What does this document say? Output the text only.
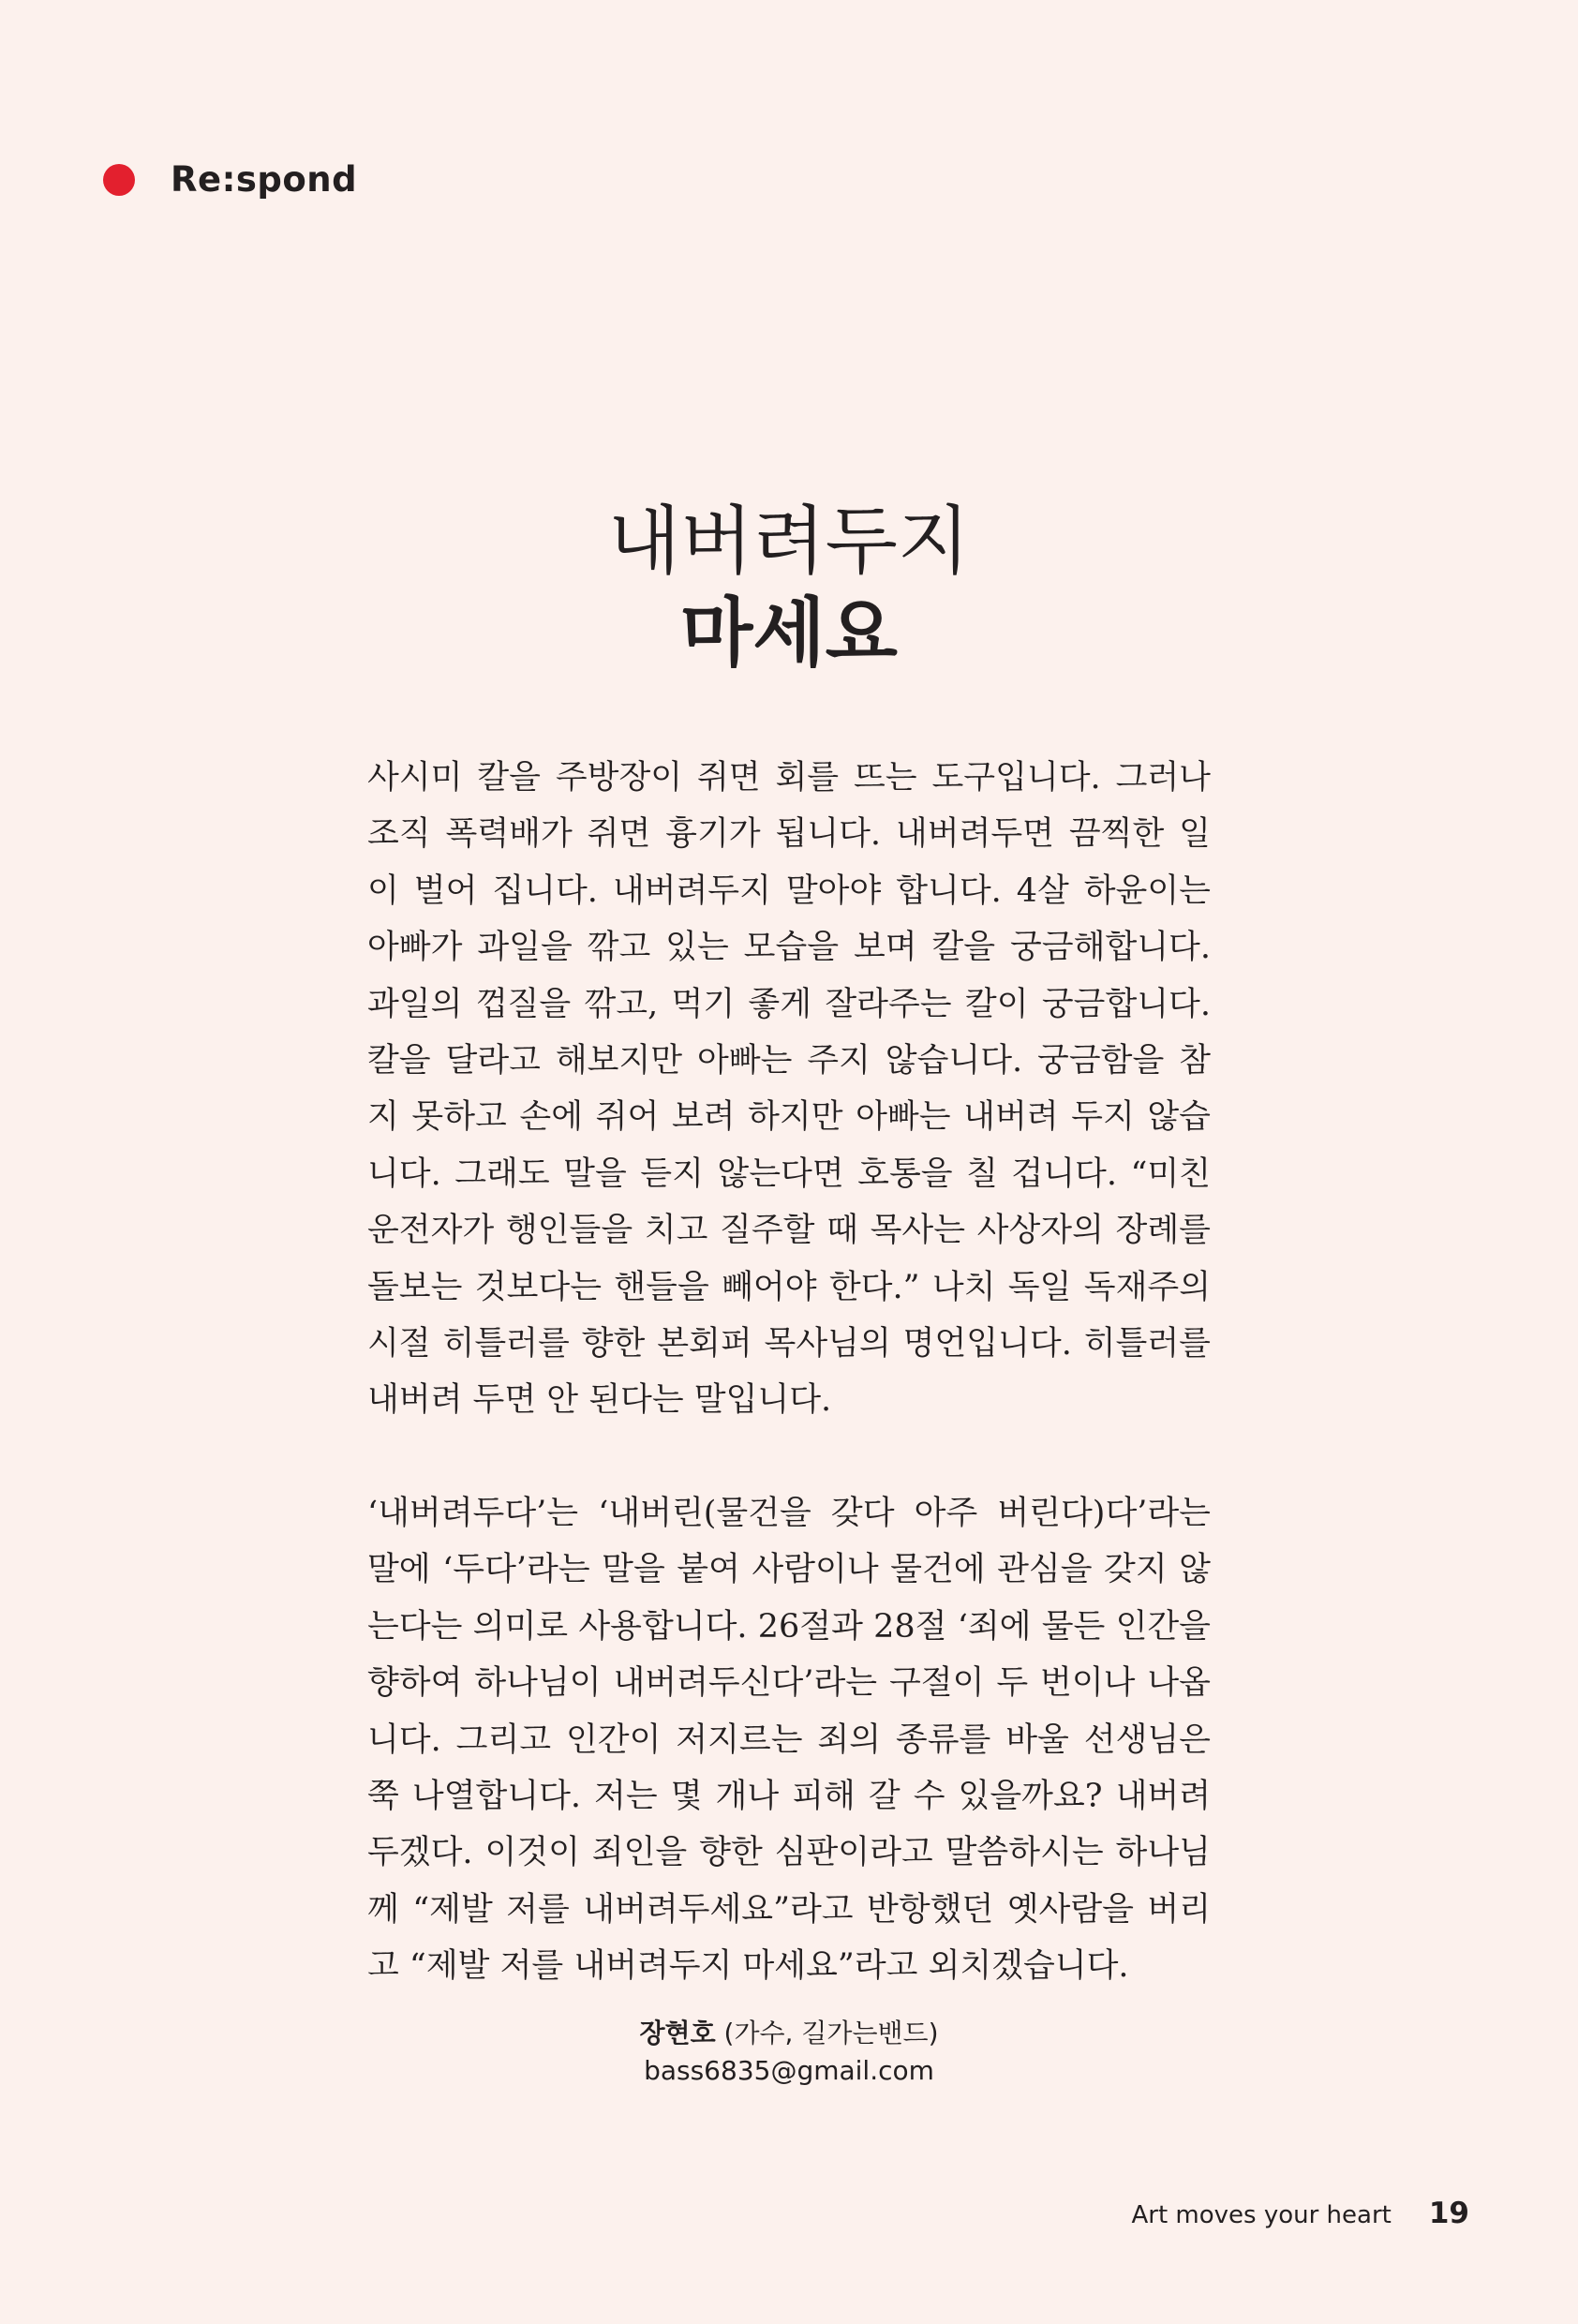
Re:spond
내버려두지
마세요

사시미 칼을 주방장이 쥐면 회를 뜨는 도구입니다. 그러나 조직 폭력배가 쥐면 흉기가 됩니다. 내버려두면 끔찍한 일이 벌어 집니다. 내버려두지 말아야 합니다. 4살 하윤이는 아빠가 과일을 깎고 있는 모습을 보며 칼을 궁금해합니다. 과일의 껍질을 깎고, 먹기 좋게 잘라주는 칼이 궁금합니다. 칼을 달라고 해보지만 아빠는 주지 않습니다. 궁금함을 참지 못하고 손에 쥐어 보려 하지만 아빠는 내버려 두지 않습니다. 그래도 말을 듣지 않는다면 호통을 칠 겁니다. “미친 운전자가 행인들을 치고 질주할 때 목사는 사상자의 장례를 돌보는 것보다는 핸들을 빼어야 한다.” 나치 독일 독재주의 시절 히틀러를 향한 본회퍼 목사님의 명언입니다. 히틀러를 내버려 두면 안 된다는 말입니다.

‘내버려두다’는 ‘내버린(물건을 갖다 아주 버린다)다’라는 말에 ‘두다’라는 말을 붙여 사람이나 물건에 관심을 갖지 않는다는 의미로 사용합니다. 26절과 28절 ‘죄에 물든 인간을 향하여 하나님이 내버려두신다’라는 구절이 두 번이나 나옵니다. 그리고 인간이 저지르는 죄의 종류를 바울 선생님은 쭉 나열합니다. 저는 몇 개나 피해 갈 수 있을까요? 내버려두겠다. 이것이 죄인을 향한 심판이라고 말씀하시는 하나님께 “제발 저를 내버려두세요”라고 반항했던 옛사람을 버리고 “제발 저를 내버려두지 마세요”라고 외치겠습니다.

장현호 (가수, 길가는밴드)
bass6835@gmail.com
Art moves your heart 19
